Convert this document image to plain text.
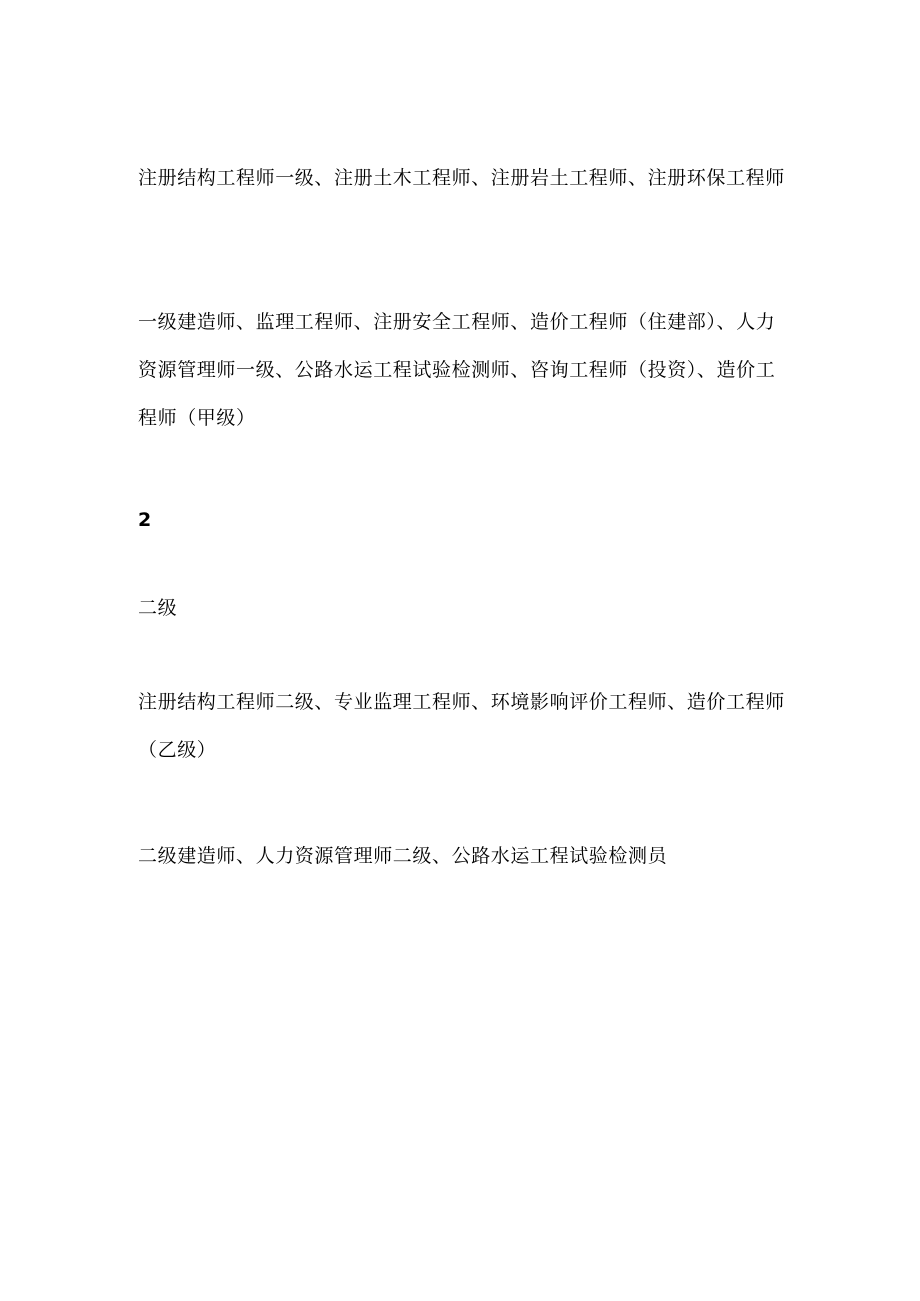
注册结构工程师一级、注册土木工程师、注册岩土工程师、注册环保工程师

一级建造师、监理工程师、注册安全工程师、造价工程师（住建部）、人力资源管理师一级、公路水运工程试验检测师、咨询工程师（投资）、造价工程师（甲级）

2

二级

注册结构工程师二级、专业监理工程师、环境影响评价工程师、造价工程师（乙级）

二级建造师、人力资源管理师二级、公路水运工程试验检测员
